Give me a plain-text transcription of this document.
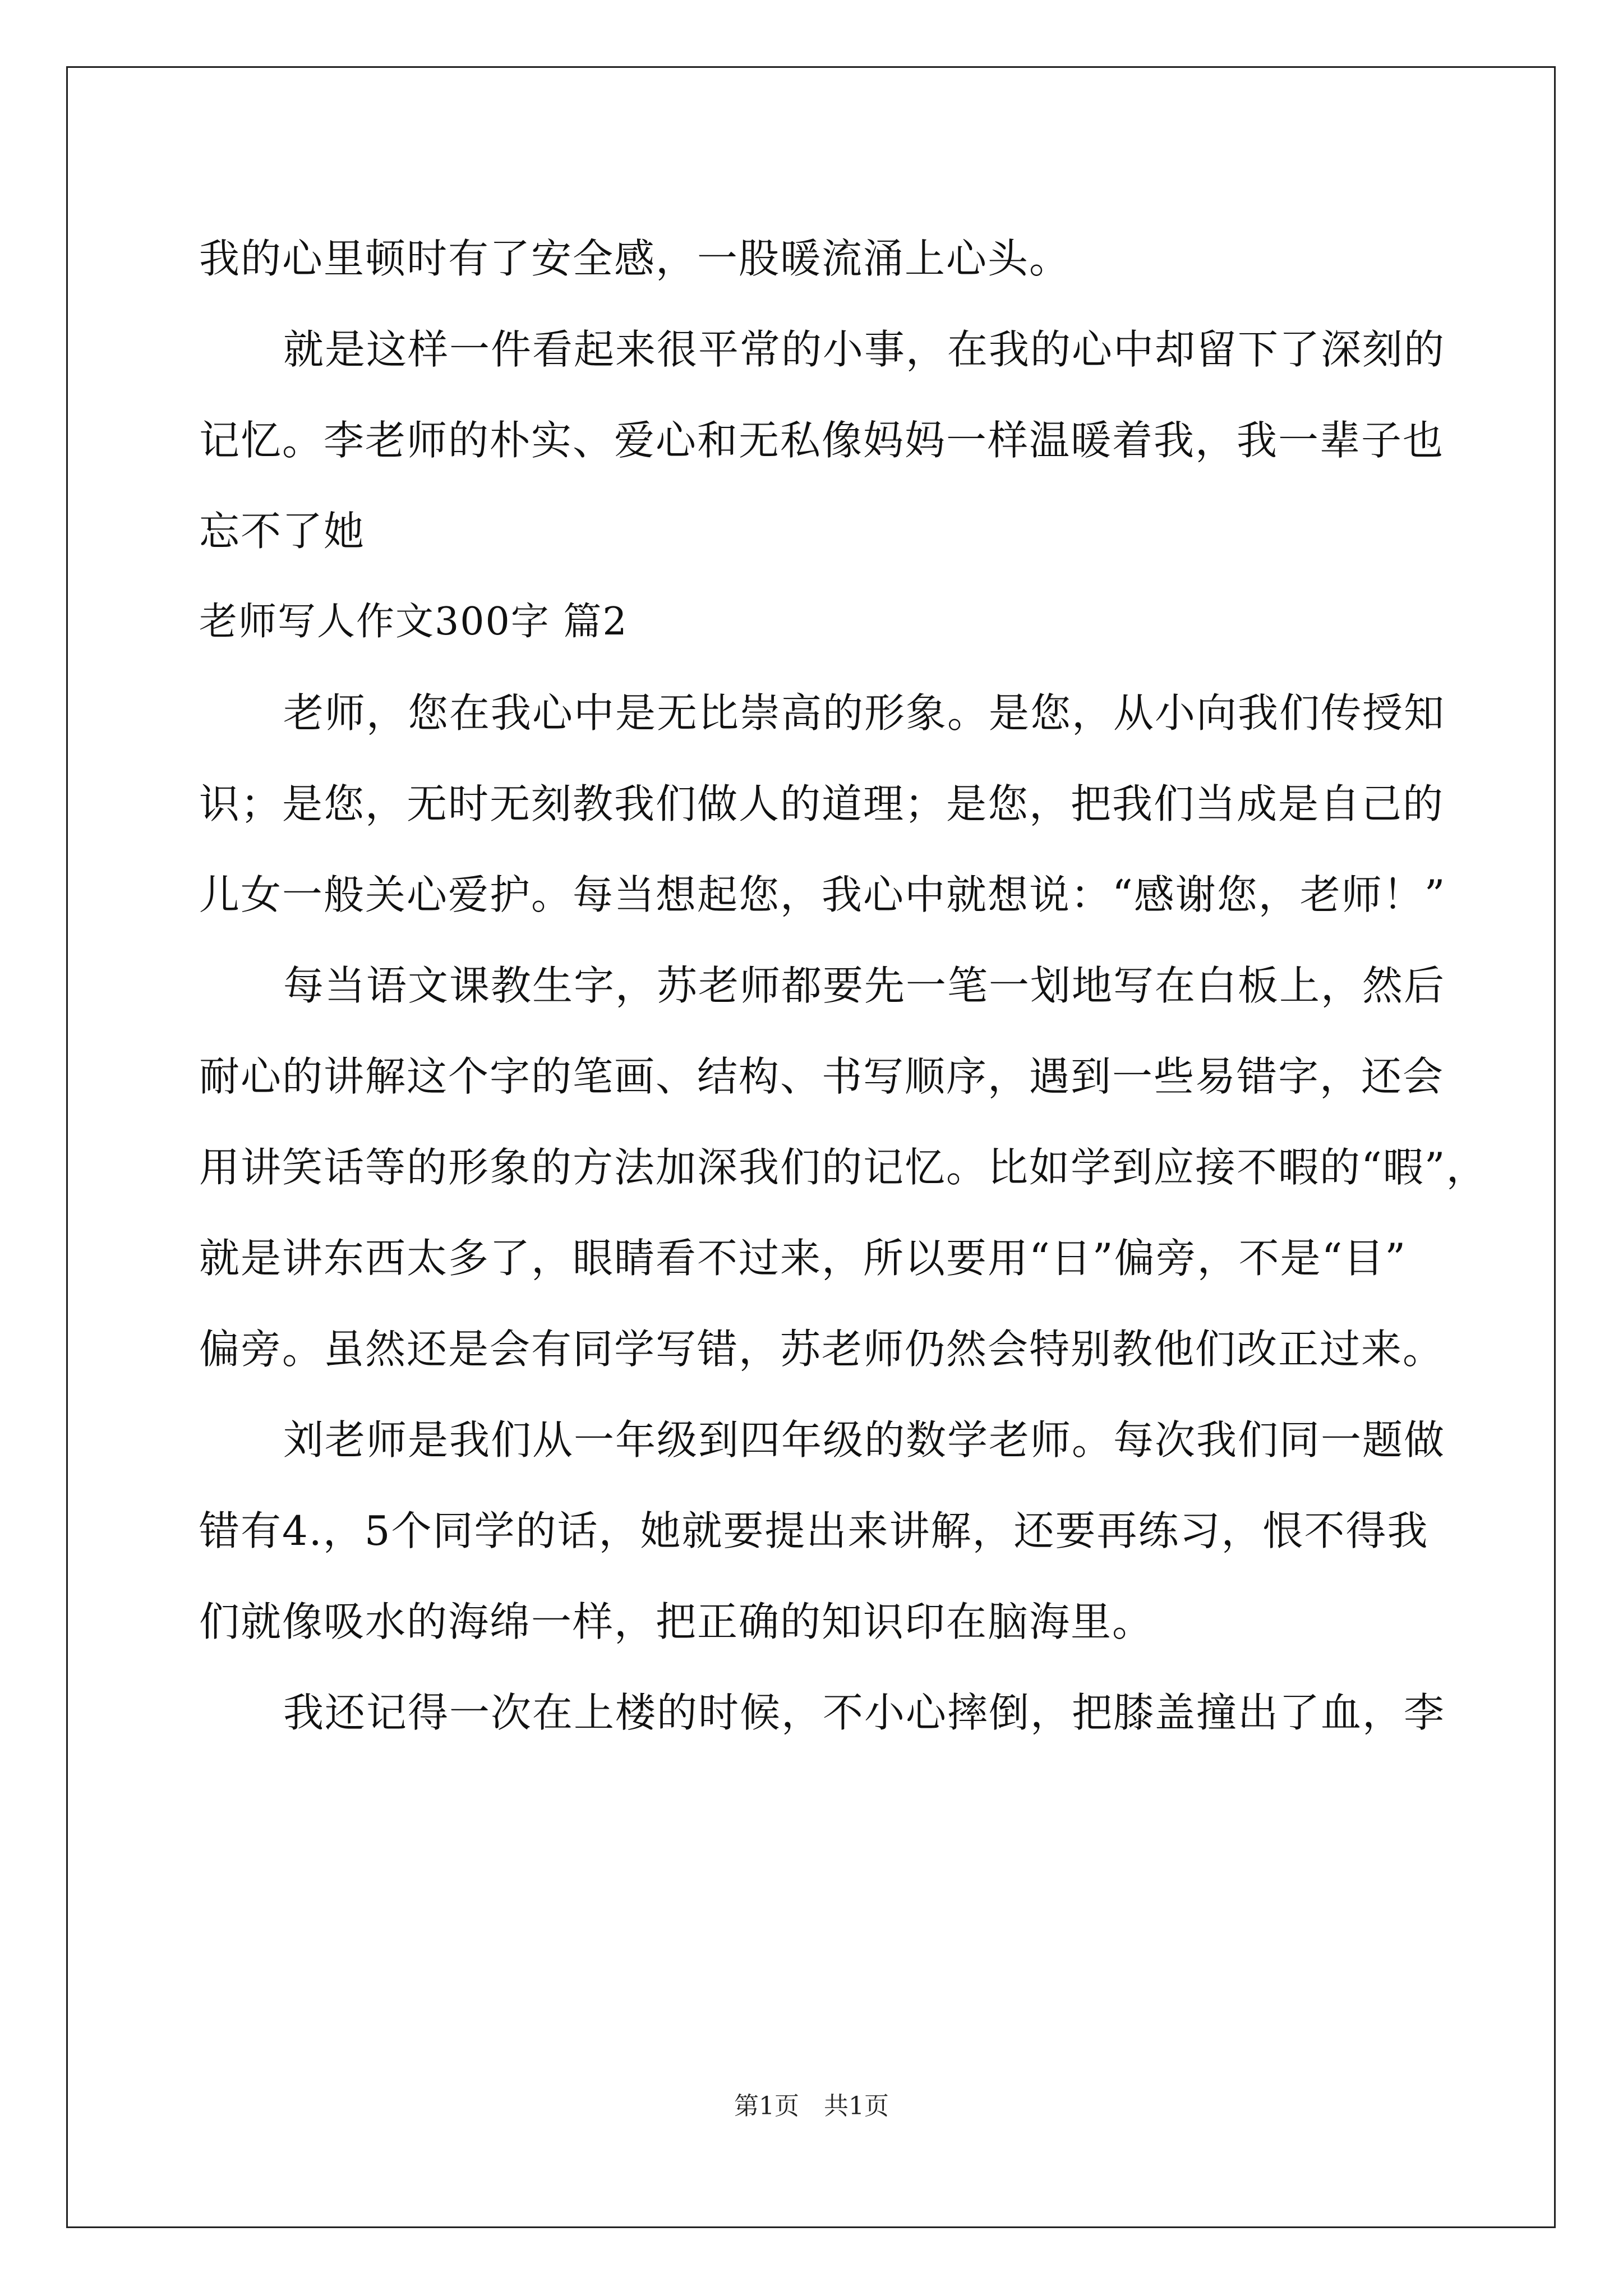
我的心里顿时有了安全感，一股暖流涌上心头。
就是这样一件看起来很平常的小事，在我的心中却留下了深刻的
记忆。李老师的朴实、爱心和无私像妈妈一样温暖着我，我一辈子也
忘不了她
老师写人作文300字 篇2
老师，您在我心中是无比崇高的形象。是您，从小向我们传授知
识；是您，无时无刻教我们做人的道理；是您，把我们当成是自己的
儿女一般关心爱护。每当想起您，我心中就想说：“感谢您，老师！”
每当语文课教生字，苏老师都要先一笔一划地写在白板上，然后
耐心的讲解这个字的笔画、结构、书写顺序，遇到一些易错字，还会
用讲笑话等的形象的方法加深我们的记忆。比如学到应接不暇的“暇”，
就是讲东西太多了，眼睛看不过来，所以要用“日”偏旁，不是“目”
偏旁。虽然还是会有同学写错，苏老师仍然会特别教他们改正过来。
刘老师是我们从一年级到四年级的数学老师。每次我们同一题做
错有4.，5个同学的话，她就要提出来讲解，还要再练习，恨不得我
们就像吸水的海绵一样，把正确的知识印在脑海里。
我还记得一次在上楼的时候，不小心摔倒，把膝盖撞出了血，李
第1页　共1页
